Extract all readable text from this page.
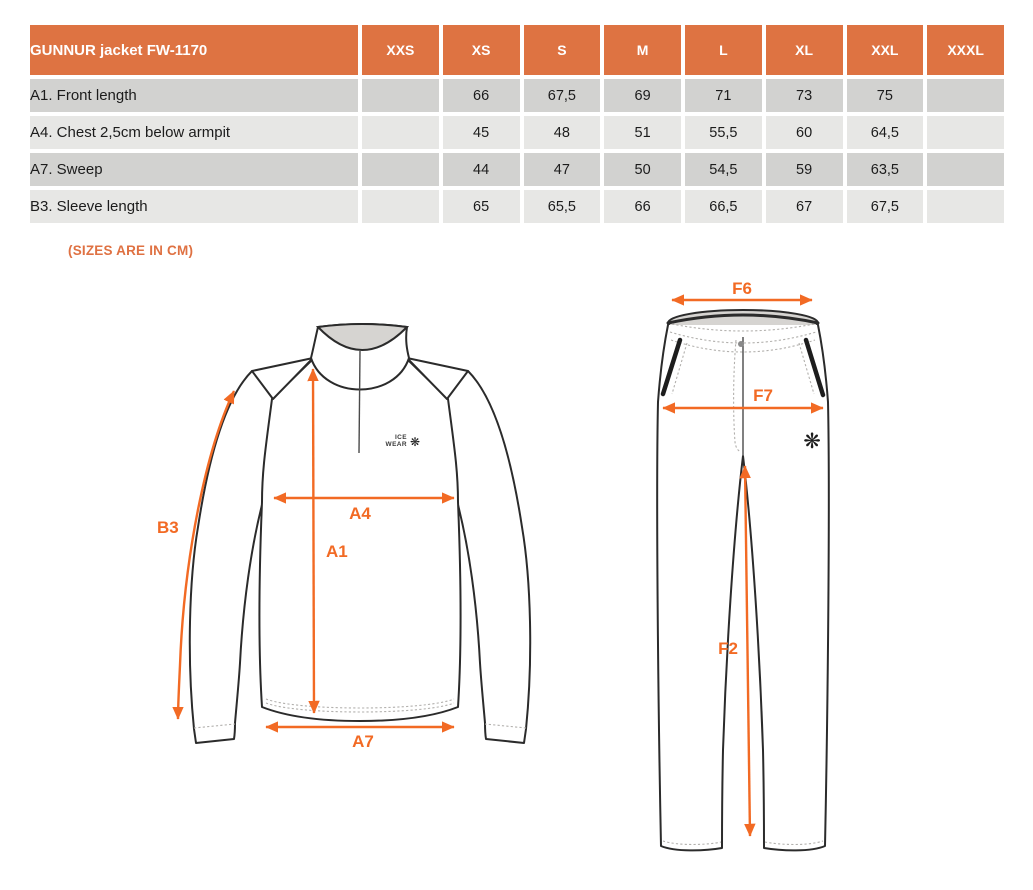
GUNNUR jacket FW-1170	XXS	XS	S	M	L	XL	XXL	XXXL
A1. Front length		66	67,5	69	71	73	75	
A4. Chest 2,5cm below armpit		45	48	51	55,5	60	64,5	
A7. Sweep		44	47	50	54,5	59	63,5	
B3. Sleeve length		65	65,5	66	66,5	67	67,5	
(SIZES ARE IN CM)
ICE
WEAR ❋
B3
A1
A4
A7
❋
F6
F7
F2
